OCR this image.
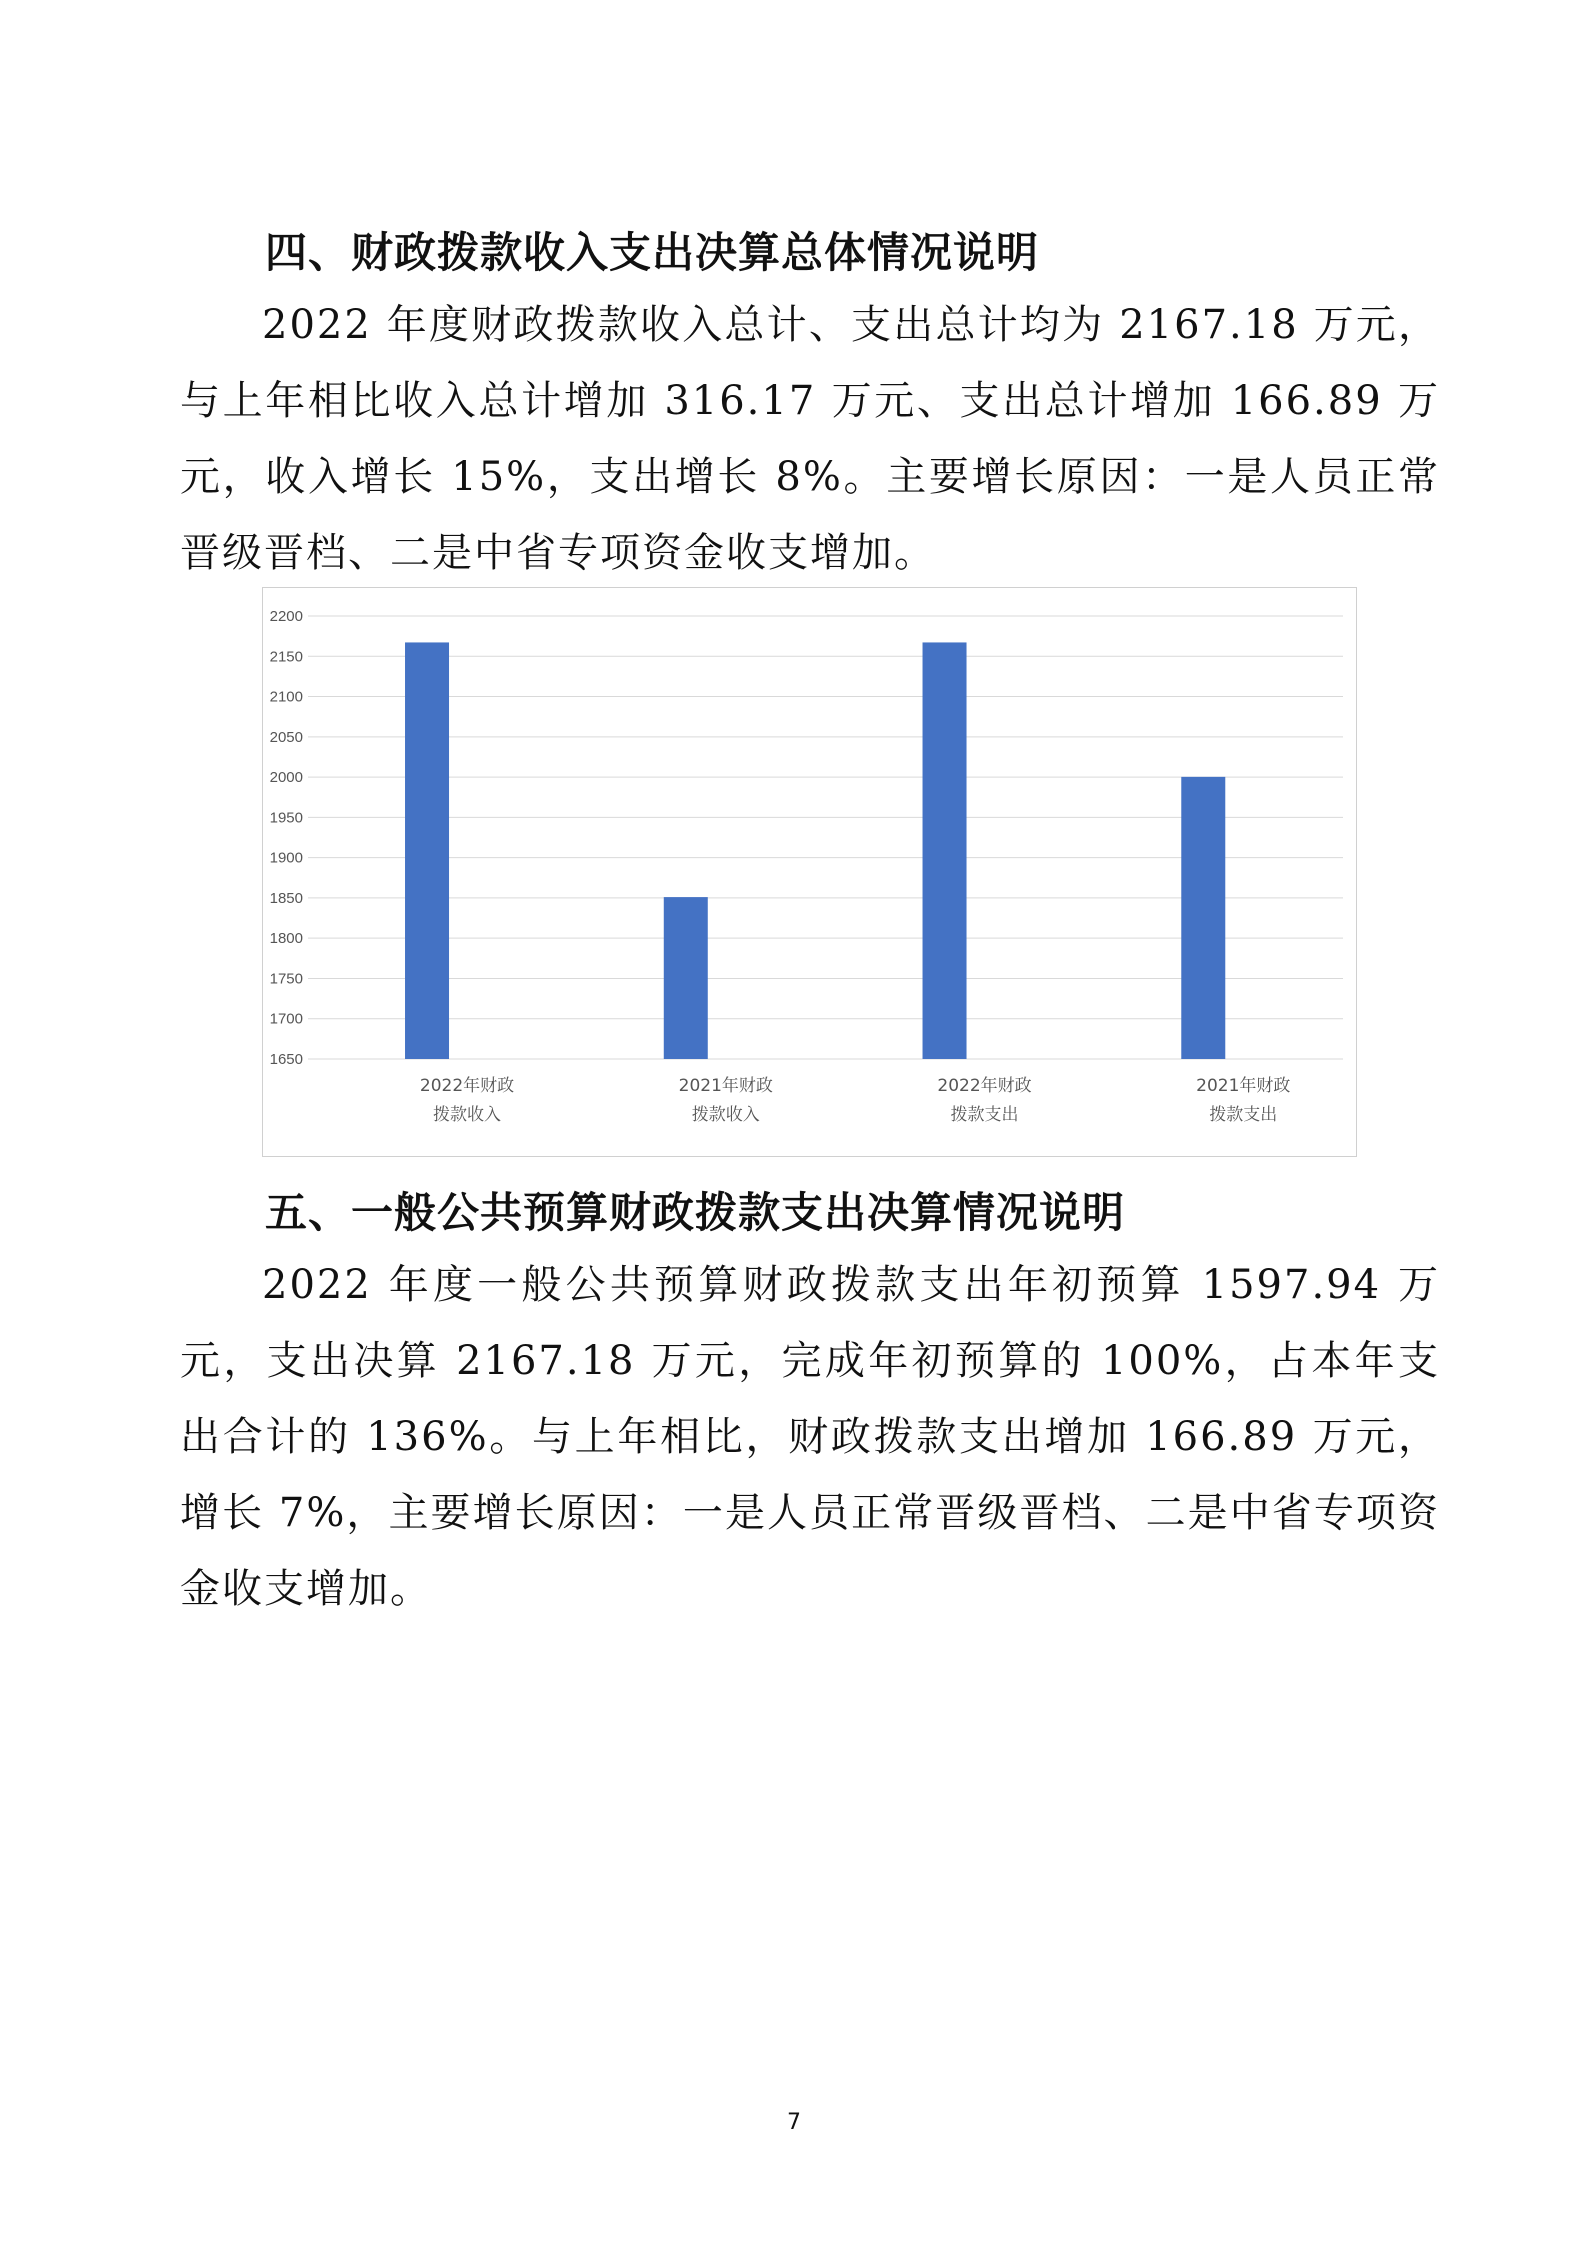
四、财政拨款收入支出决算总体情况说明

2022 年度财政拨款收入总计、支出总计均为 2167.18 万元，与上年相比收入总计增加 316.17 万元、支出总计增加 166.89 万元，收入增长 15%，支出增长 8%。主要增长原因：一是人员正常晋级晋档、二是中省专项资金收支增加。

2200
2150
2100
2050
2000
1950
1900
1850
1800
1750
1700
1650
2022年财政
拨款收入
2021年财政
拨款收入
2022年财政
拨款支出
2021年财政
拨款支出
五、一般公共预算财政拨款支出决算情况说明

2022 年度一般公共预算财政拨款支出年初预算 1597.94 万元，支出决算 2167.18 万元，完成年初预算的 100%，占本年支出合计的 136%。与上年相比，财政拨款支出增加 166.89 万元，增长 7%，主要增长原因：一是人员正常晋级晋档、二是中省专项资金收支增加。

7
